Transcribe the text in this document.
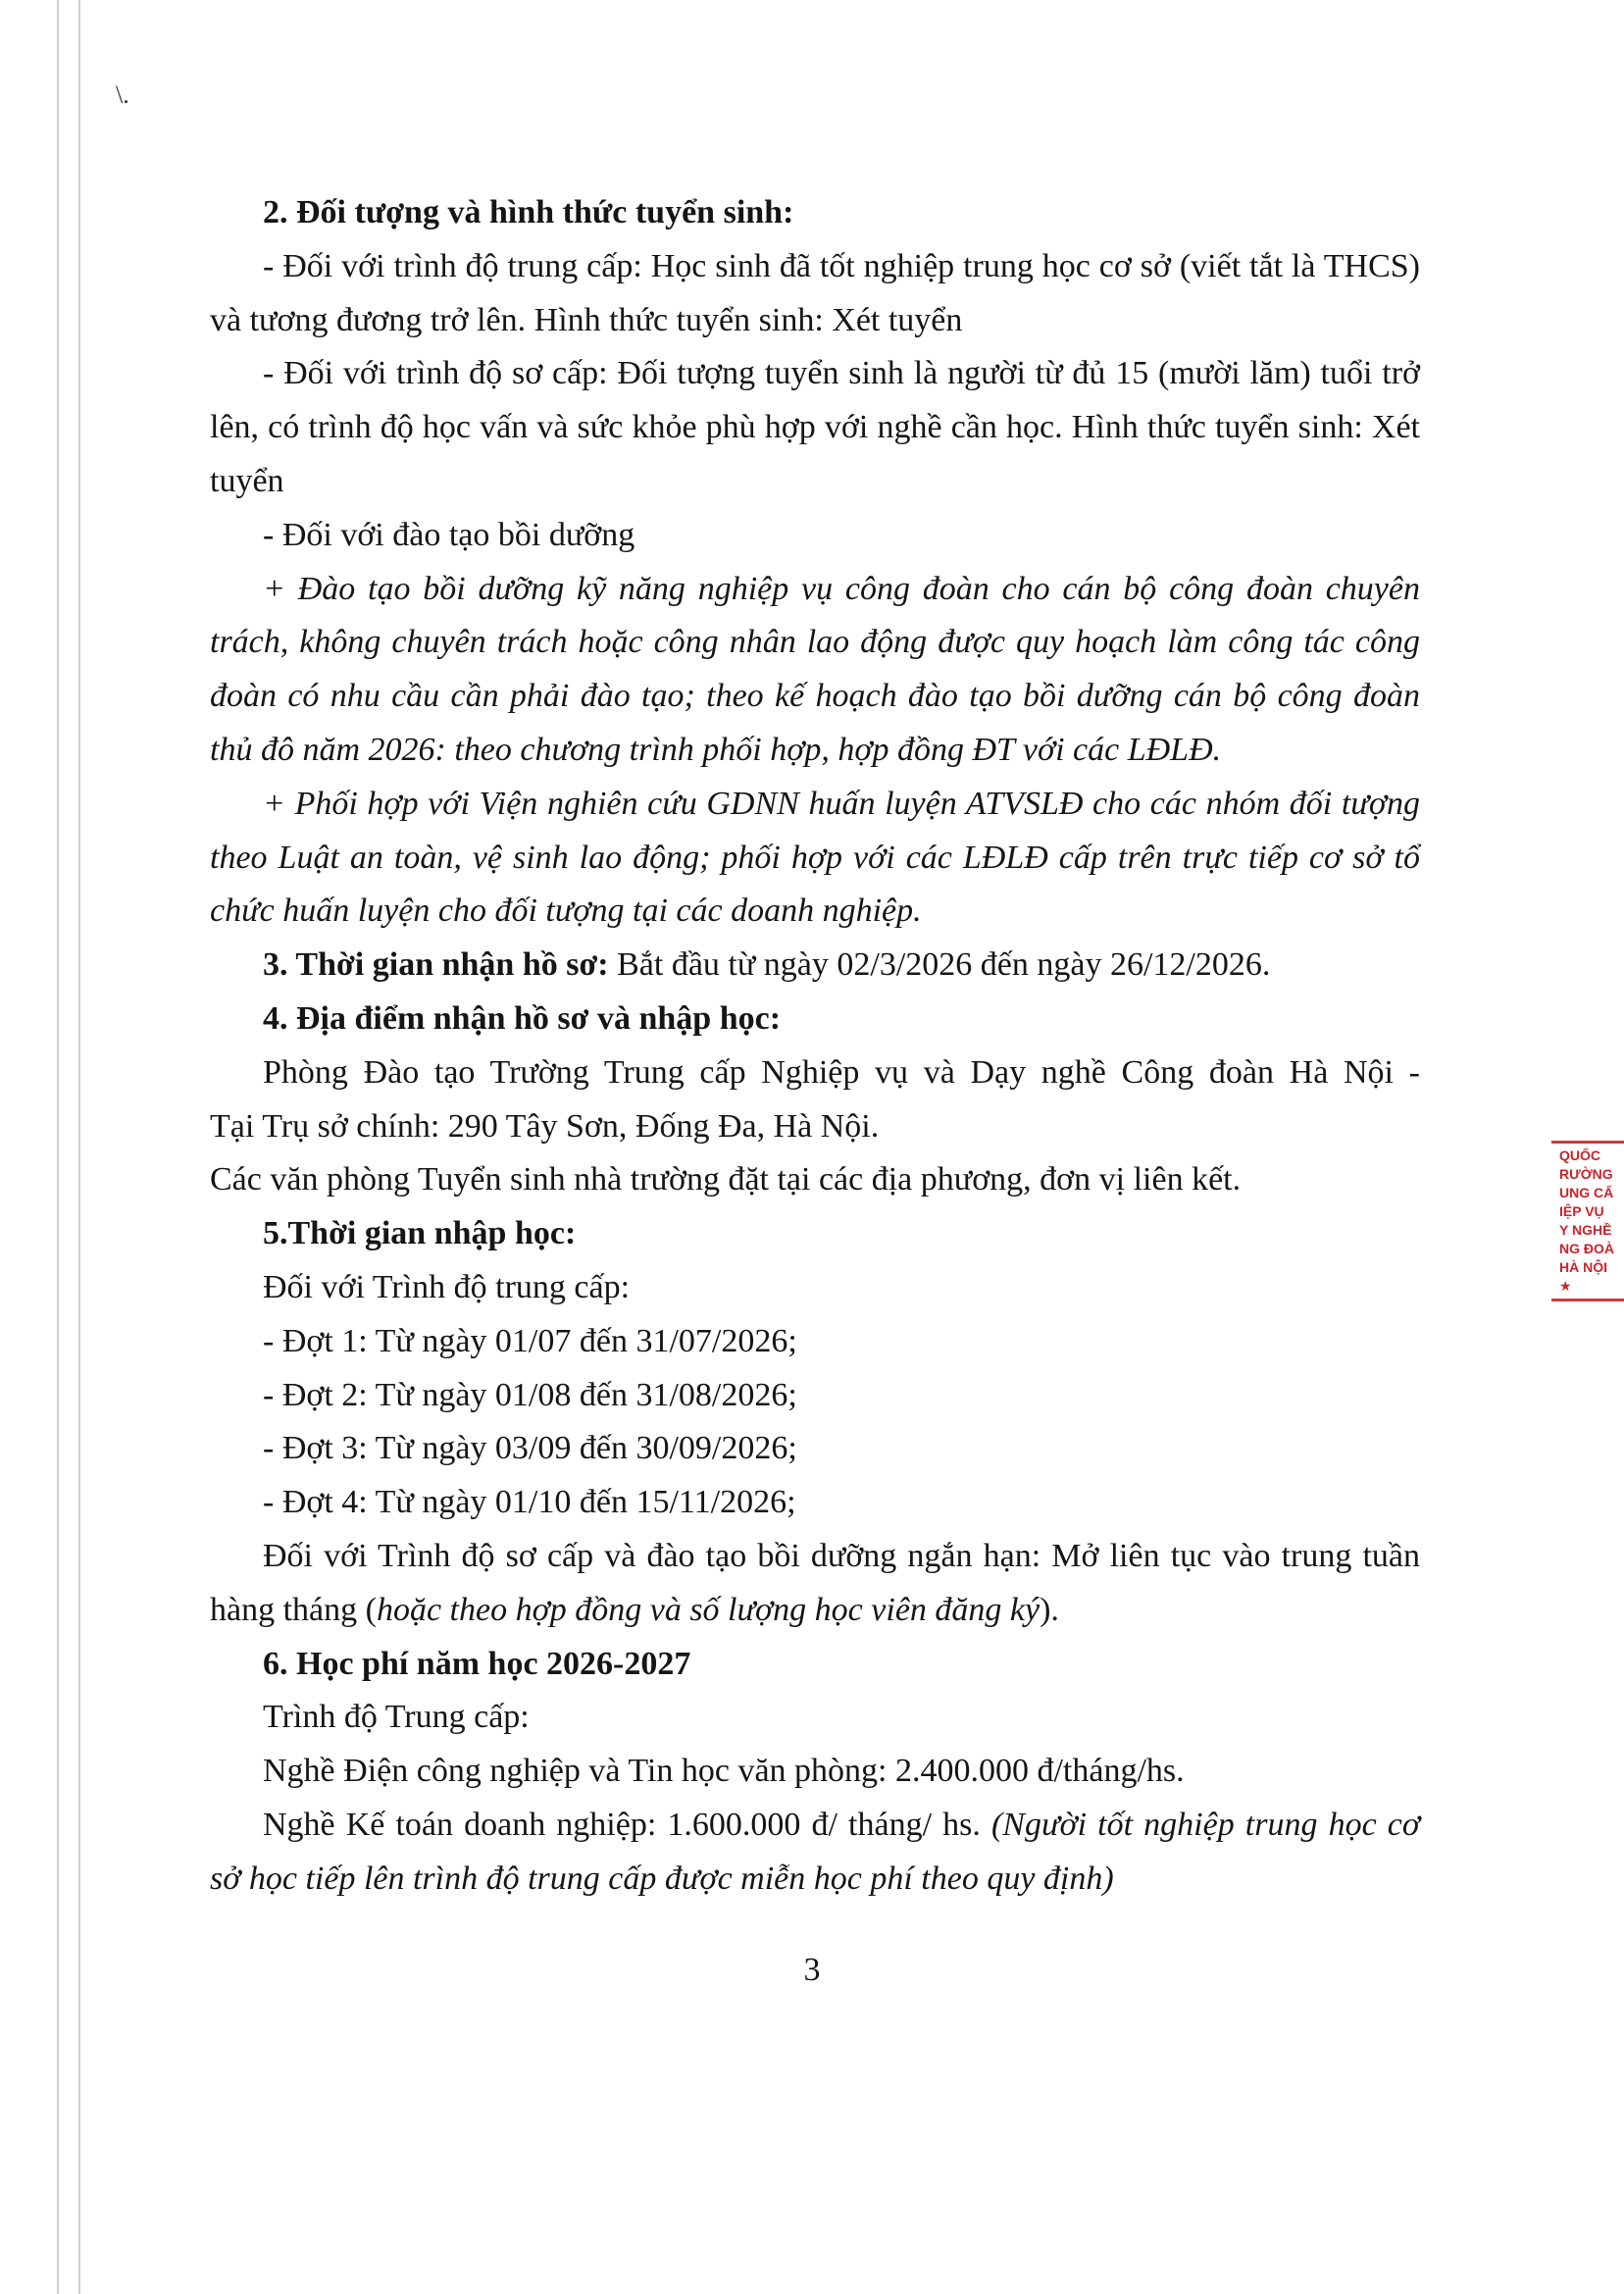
\.

2. Đối tượng và hình thức tuyển sinh:

- Đối với trình độ trung cấp: Học sinh đã tốt nghiệp trung học cơ sở (viết tắt là THCS) và tương đương trở lên. Hình thức tuyển sinh: Xét tuyển

- Đối với trình độ sơ cấp: Đối tượng tuyển sinh là người từ đủ 15 (mười lăm) tuổi trở lên, có trình độ học vấn và sức khỏe phù hợp với nghề cần học. Hình thức tuyển sinh: Xét tuyển

- Đối với đào tạo bồi dưỡng

+ Đào tạo bồi dưỡng kỹ năng nghiệp vụ công đoàn cho cán bộ công đoàn chuyên trách, không chuyên trách hoặc công nhân lao động được quy hoạch làm công tác công đoàn có nhu cầu cần phải đào tạo; theo kế hoạch đào tạo bồi dưỡng cán bộ công đoàn thủ đô năm 2026: theo chương trình phối hợp, hợp đồng ĐT với các LĐLĐ.

+ Phối hợp với Viện nghiên cứu GDNN huấn luyện ATVSLĐ cho các nhóm đối tượng theo Luật an toàn, vệ sinh lao động; phối hợp với các LĐLĐ cấp trên trực tiếp cơ sở tổ chức huấn luyện cho đối tượng tại các doanh nghiệp.

3. Thời gian nhận hồ sơ: Bắt đầu từ ngày 02/3/2026 đến ngày 26/12/2026.

4. Địa điểm nhận hồ sơ và nhập học:

Phòng Đào tạo Trường Trung cấp Nghiệp vụ và Dạy nghề Công đoàn Hà Nội -

Tại Trụ sở chính: 290 Tây Sơn, Đống Đa, Hà Nội.

Các văn phòng Tuyển sinh nhà trường đặt tại các địa phương, đơn vị liên kết.

5.Thời gian nhập học:

Đối với Trình độ trung cấp:

- Đợt 1: Từ ngày 01/07 đến 31/07/2026;

- Đợt 2: Từ ngày 01/08 đến 31/08/2026;

- Đợt 3: Từ ngày 03/09 đến 30/09/2026;

- Đợt 4: Từ ngày 01/10 đến 15/11/2026;

Đối với Trình độ sơ cấp và đào tạo bồi dưỡng ngắn hạn: Mở liên tục vào trung tuần hàng tháng (hoặc theo hợp đồng và số lượng học viên đăng ký).

6. Học phí năm học 2026-2027

Trình độ Trung cấp:

Nghề Điện công nghiệp và Tin học văn phòng: 2.400.000 đ/tháng/hs.

Nghề Kế toán doanh nghiệp: 1.600.000 đ/ tháng/ hs. (Người tốt nghiệp trung học cơ sở học tiếp lên trình độ trung cấp được miễn học phí theo quy định)

3
QUỐC
RƯỜNG
UNG CẤ
IỆP VỤ
Y NGHỀ
NG ĐOÀ
HÀ NỘI
★
